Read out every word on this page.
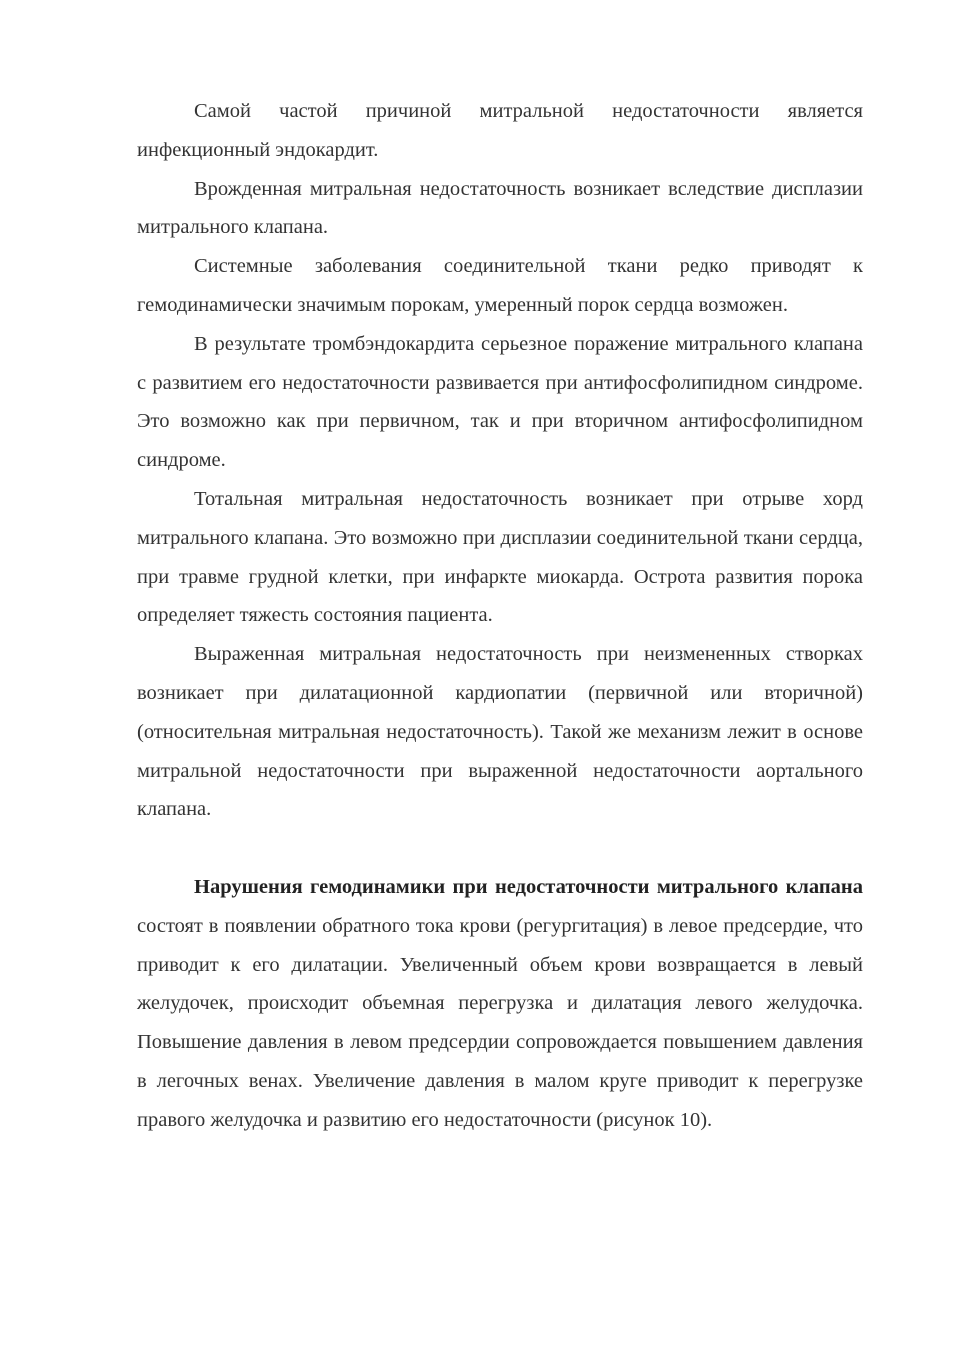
Самой частой причиной митральной недостаточности является инфекционный эндокардит.

Врожденная митральная недостаточность возникает вследствие дисплазии митрального клапана.

Системные заболевания соединительной ткани редко приводят к гемодинамически значимым порокам, умеренный порок сердца возможен.

В результате тромбэндокардита серьезное поражение митрального клапана с развитием его недостаточности развивается при антифосфолипидном синдроме. Это возможно как при первичном, так и при вторичном антифосфолипидном синдроме.

Тотальная митральная недостаточность возникает при отрыве хорд митрального клапана. Это возможно при дисплазии соединительной ткани сердца, при травме грудной клетки, при инфаркте миокарда. Острота развития порока определяет тяжесть состояния пациента.

Выраженная митральная недостаточность при неизмененных створках возникает при дилатационной кардиопатии (первичной или вторичной) (относительная митральная недостаточность). Такой же механизм лежит в основе митральной недостаточности при выраженной недостаточности аортального клапана.

Нарушения гемодинамики при недостаточности митрального клапана состоят в появлении обратного тока крови (регургитация) в левое предсердие, что приводит к его дилатации. Увеличенный объем крови возвращается в левый желудочек, происходит объемная перегрузка и дилатация левого желудочка. Повышение давления в левом предсердии сопровождается повышением давления в легочных венах. Увеличение давления в малом круге приводит к перегрузке правого желудочка и развитию его недостаточности (рисунок 10).
